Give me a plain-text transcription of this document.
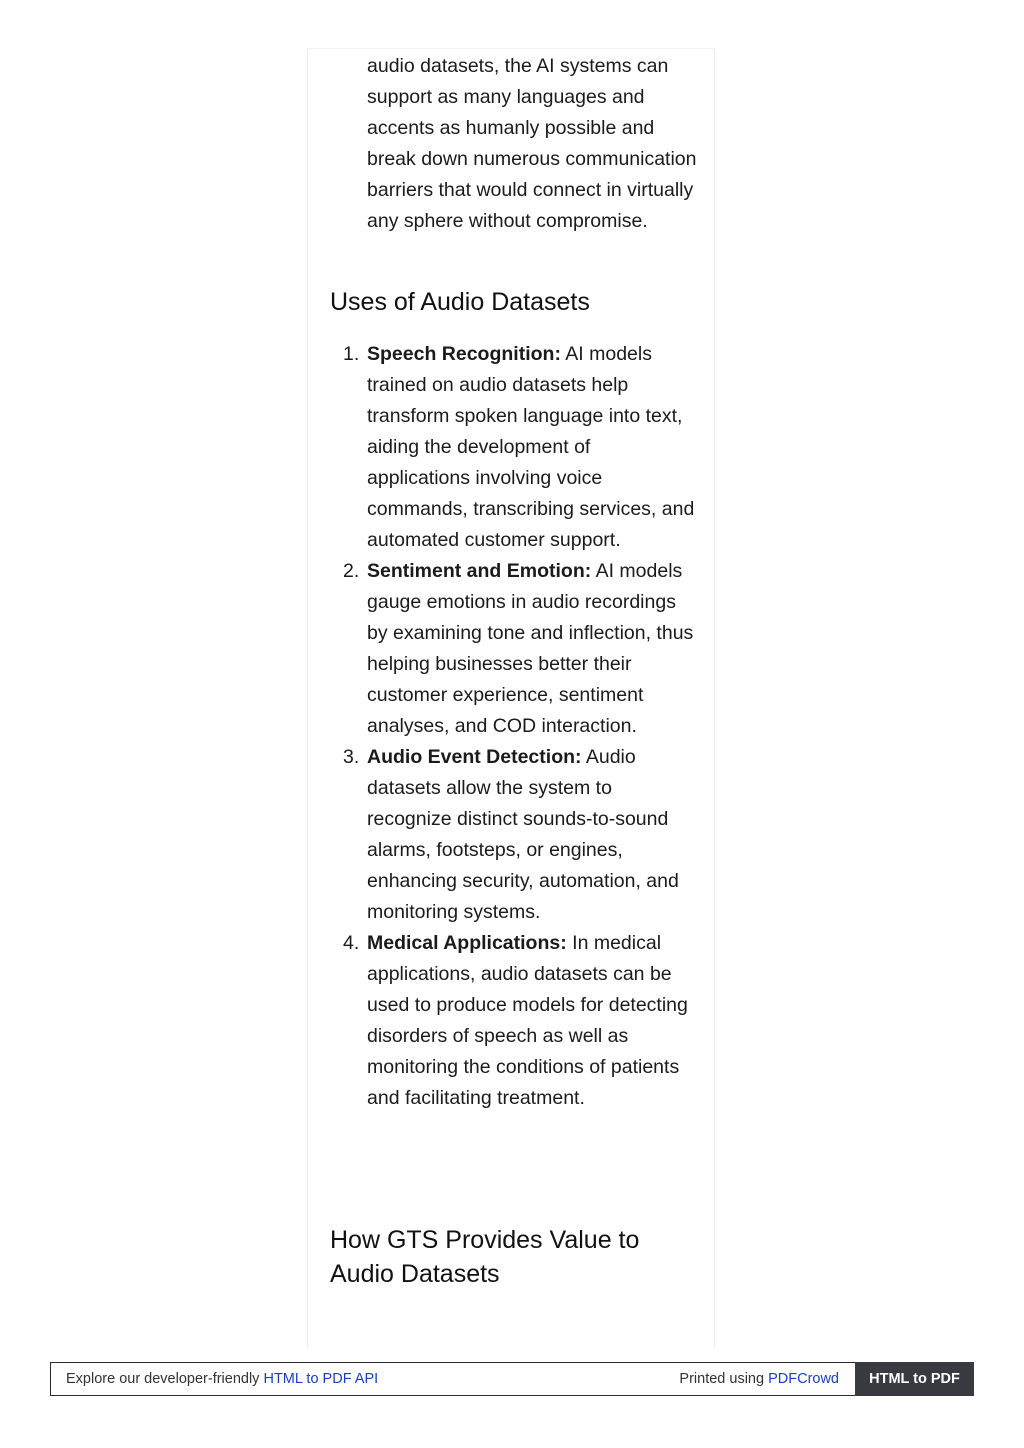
audio datasets, the AI systems can support as many languages and accents as humanly possible and break down numerous communication barriers that would connect in virtually any sphere without compromise.

Uses of Audio Datasets
1. Speech Recognition: AI models trained on audio datasets help transform spoken language into text, aiding the development of applications involving voice commands, transcribing services, and automated customer support.
2. Sentiment and Emotion: AI models gauge emotions in audio recordings by examining tone and inflection, thus helping businesses better their customer experience, sentiment analyses, and COD interaction.
3. Audio Event Detection: Audio datasets allow the system to recognize distinct sounds-to-sound alarms, footsteps, or engines, enhancing security, automation, and monitoring systems.
4. Medical Applications: In medical applications, audio datasets can be used to produce models for detecting disorders of speech as well as monitoring the conditions of patients and facilitating treatment.
How GTS Provides Value to Audio Datasets
Explore our developer-friendly HTML to PDF API	Printed using PDFCrowd	HTML to PDF
